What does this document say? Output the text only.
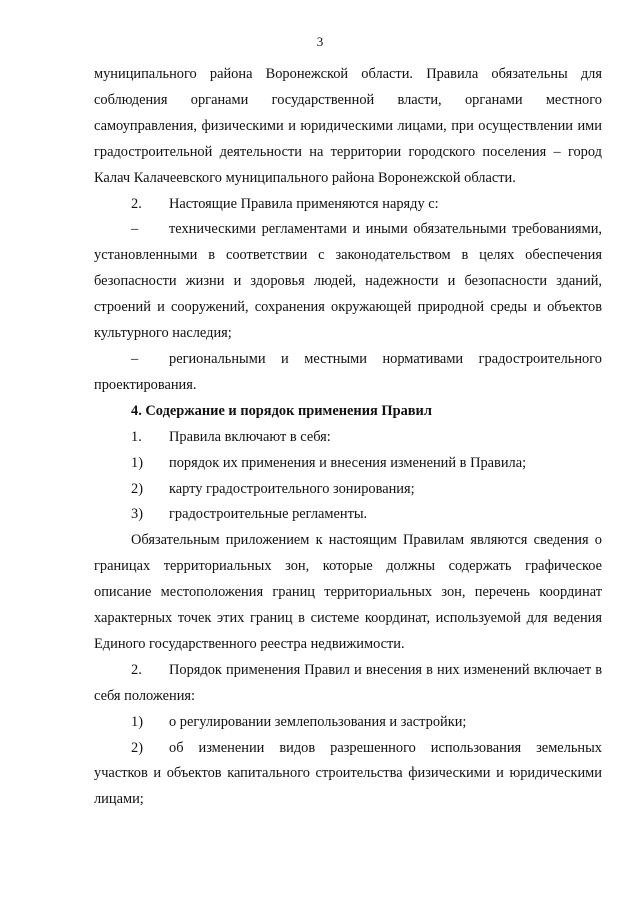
3

муниципального района Воронежской области. Правила обязательны для соблюдения органами государственной власти, органами местного самоуправления, физическими и юридическими лицами, при осуществлении ими градостроительной деятельности на территории городского поселения – город Калач Калачеевского муниципального района Воронежской области.

2.	Настоящие Правила применяются наряду с:
–	техническими регламентами и иными обязательными требованиями, установленными в соответствии с законодательством в целях обеспечения безопасности жизни и здоровья людей, надежности и безопасности зданий, строений и сооружений, сохранения окружающей природной среды и объектов культурного наследия;
–	региональными и местными нормативами градостроительного проектирования.

4. Содержание и порядок применения Правил

1.	Правила включают в себя:
1)	порядок их применения и внесения изменений в Правила;
2)	карту градостроительного зонирования;
3)	градостроительные регламенты.

Обязательным приложением к настоящим Правилам являются сведения о границах территориальных зон, которые должны содержать графическое описание местоположения границ территориальных зон, перечень координат характерных точек этих границ в системе координат, используемой для ведения Единого государственного реестра недвижимости.

2.	Порядок применения Правил и внесения в них изменений включает в себя положения:
1)	о регулировании землепользования и застройки;
2)	об изменении видов разрешенного использования земельных участков и объектов капитального строительства физическими и юридическими лицами;
